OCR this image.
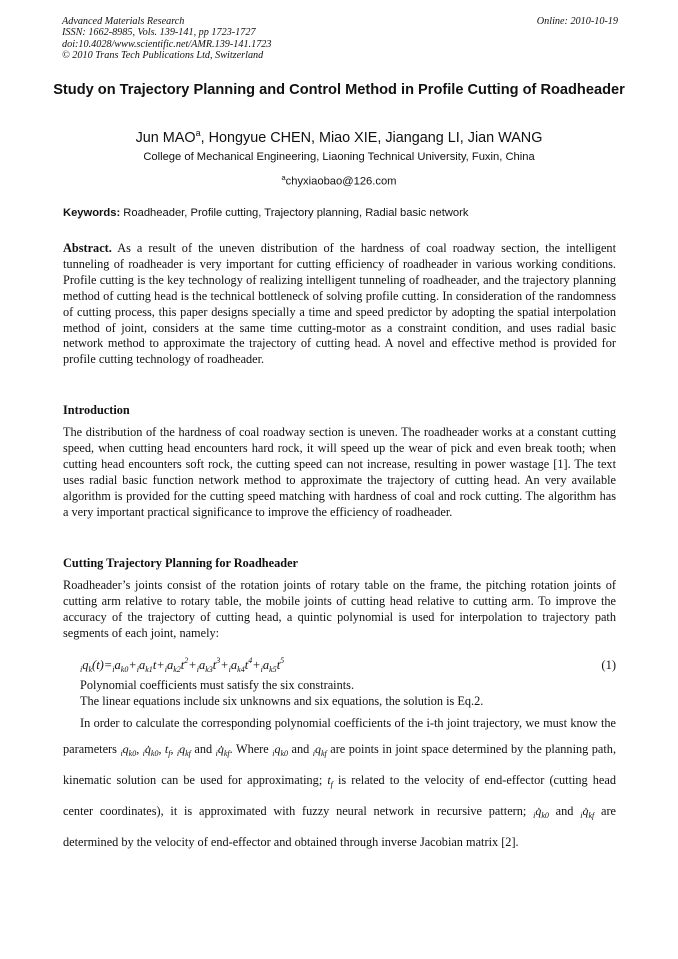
Advanced Materials Research
ISSN: 1662-8985, Vols. 139-141, pp 1723-1727
doi:10.4028/www.scientific.net/AMR.139-141.1723
© 2010 Trans Tech Publications Ltd, Switzerland
Online: 2010-10-19
Study on Trajectory Planning and Control Method in Profile Cutting of Roadheader
Jun MAO$^a$, Hongyue CHEN, Miao XIE, Jiangang LI, Jian WANG
College of Mechanical Engineering, Liaoning Technical University, Fuxin, China
$^a$chyxiaobao@126.com
Keywords: Roadheader, Profile cutting, Trajectory planning, Radial basic network

Abstract. As a result of the uneven distribution of the hardness of coal roadway section, the intelligent tunneling of roadheader is very important for cutting efficiency of roadheader in various working conditions. Profile cutting is the key technology of realizing intelligent tunneling of roadheader, and the trajectory planning method of cutting head is the technical bottleneck of solving profile cutting. In consideration of the randomness of cutting process, this paper designs specially a time and speed predictor by adopting the spatial interpolation method of joint, considers at the same time cutting-motor as a constraint condition, and uses radial basic network method to approximate the trajectory of cutting head. A novel and effective method is provided for profile cutting technology of roadheader.

Introduction

The distribution of the hardness of coal roadway section is uneven. The roadheader works at a constant cutting speed, when cutting head encounters hard rock, it will speed up the wear of pick and even break tooth; when cutting head encounters soft rock, the cutting speed can not increase, resulting in power wastage [1]. The text uses radial basic function network method to approximate the trajectory of cutting head. An very available algorithm is provided for the cutting speed matching with hardness of coal and rock cutting. The algorithm has a very important practical significance to improve the efficiency of roadheader.

Cutting Trajectory Planning for Roadheader

Roadheader’s joints consist of the rotation joints of rotary table on the frame, the pitching rotation joints of cutting arm relative to rotary table, the mobile joints of cutting head relative to cutting arm. To improve the accuracy of the trajectory of cutting head, a quintic polynomial is used for interpolation to trajectory path segments of each joint, namely:

$_iq_k(t)=_ia_{k0}+_ia_{k1}t+_ia_{k2}t^2+_ia_{k3}t^3+_ia_{k4}t^4+_ia_{k5}t^5$	(1)
Polynomial coefficients must satisfy the six constraints.
The linear equations include six unknowns and six equations, the solution is Eq.2.

In order to calculate the corresponding polynomial coefficients of the i-th joint trajectory, we must know the parameters $_iq_{k0}$, $_iq̇_{k0}$, $t_f$, $_iq_{kf}$ and $_iq̇_{kf}$. Where $_iq_{k0}$ and $_iq_{kf}$ are points in joint space determined by the planning path, kinematic solution can be used for approximating; $t_f$ is related to the velocity of end-effector (cutting head center coordinates), it is approximated with fuzzy neural network in recursive pattern; $_iq̇_{k0}$ and $_iq̇_{kf}$ are determined by the velocity of end-effector and obtained through inverse Jacobian matrix [2].
